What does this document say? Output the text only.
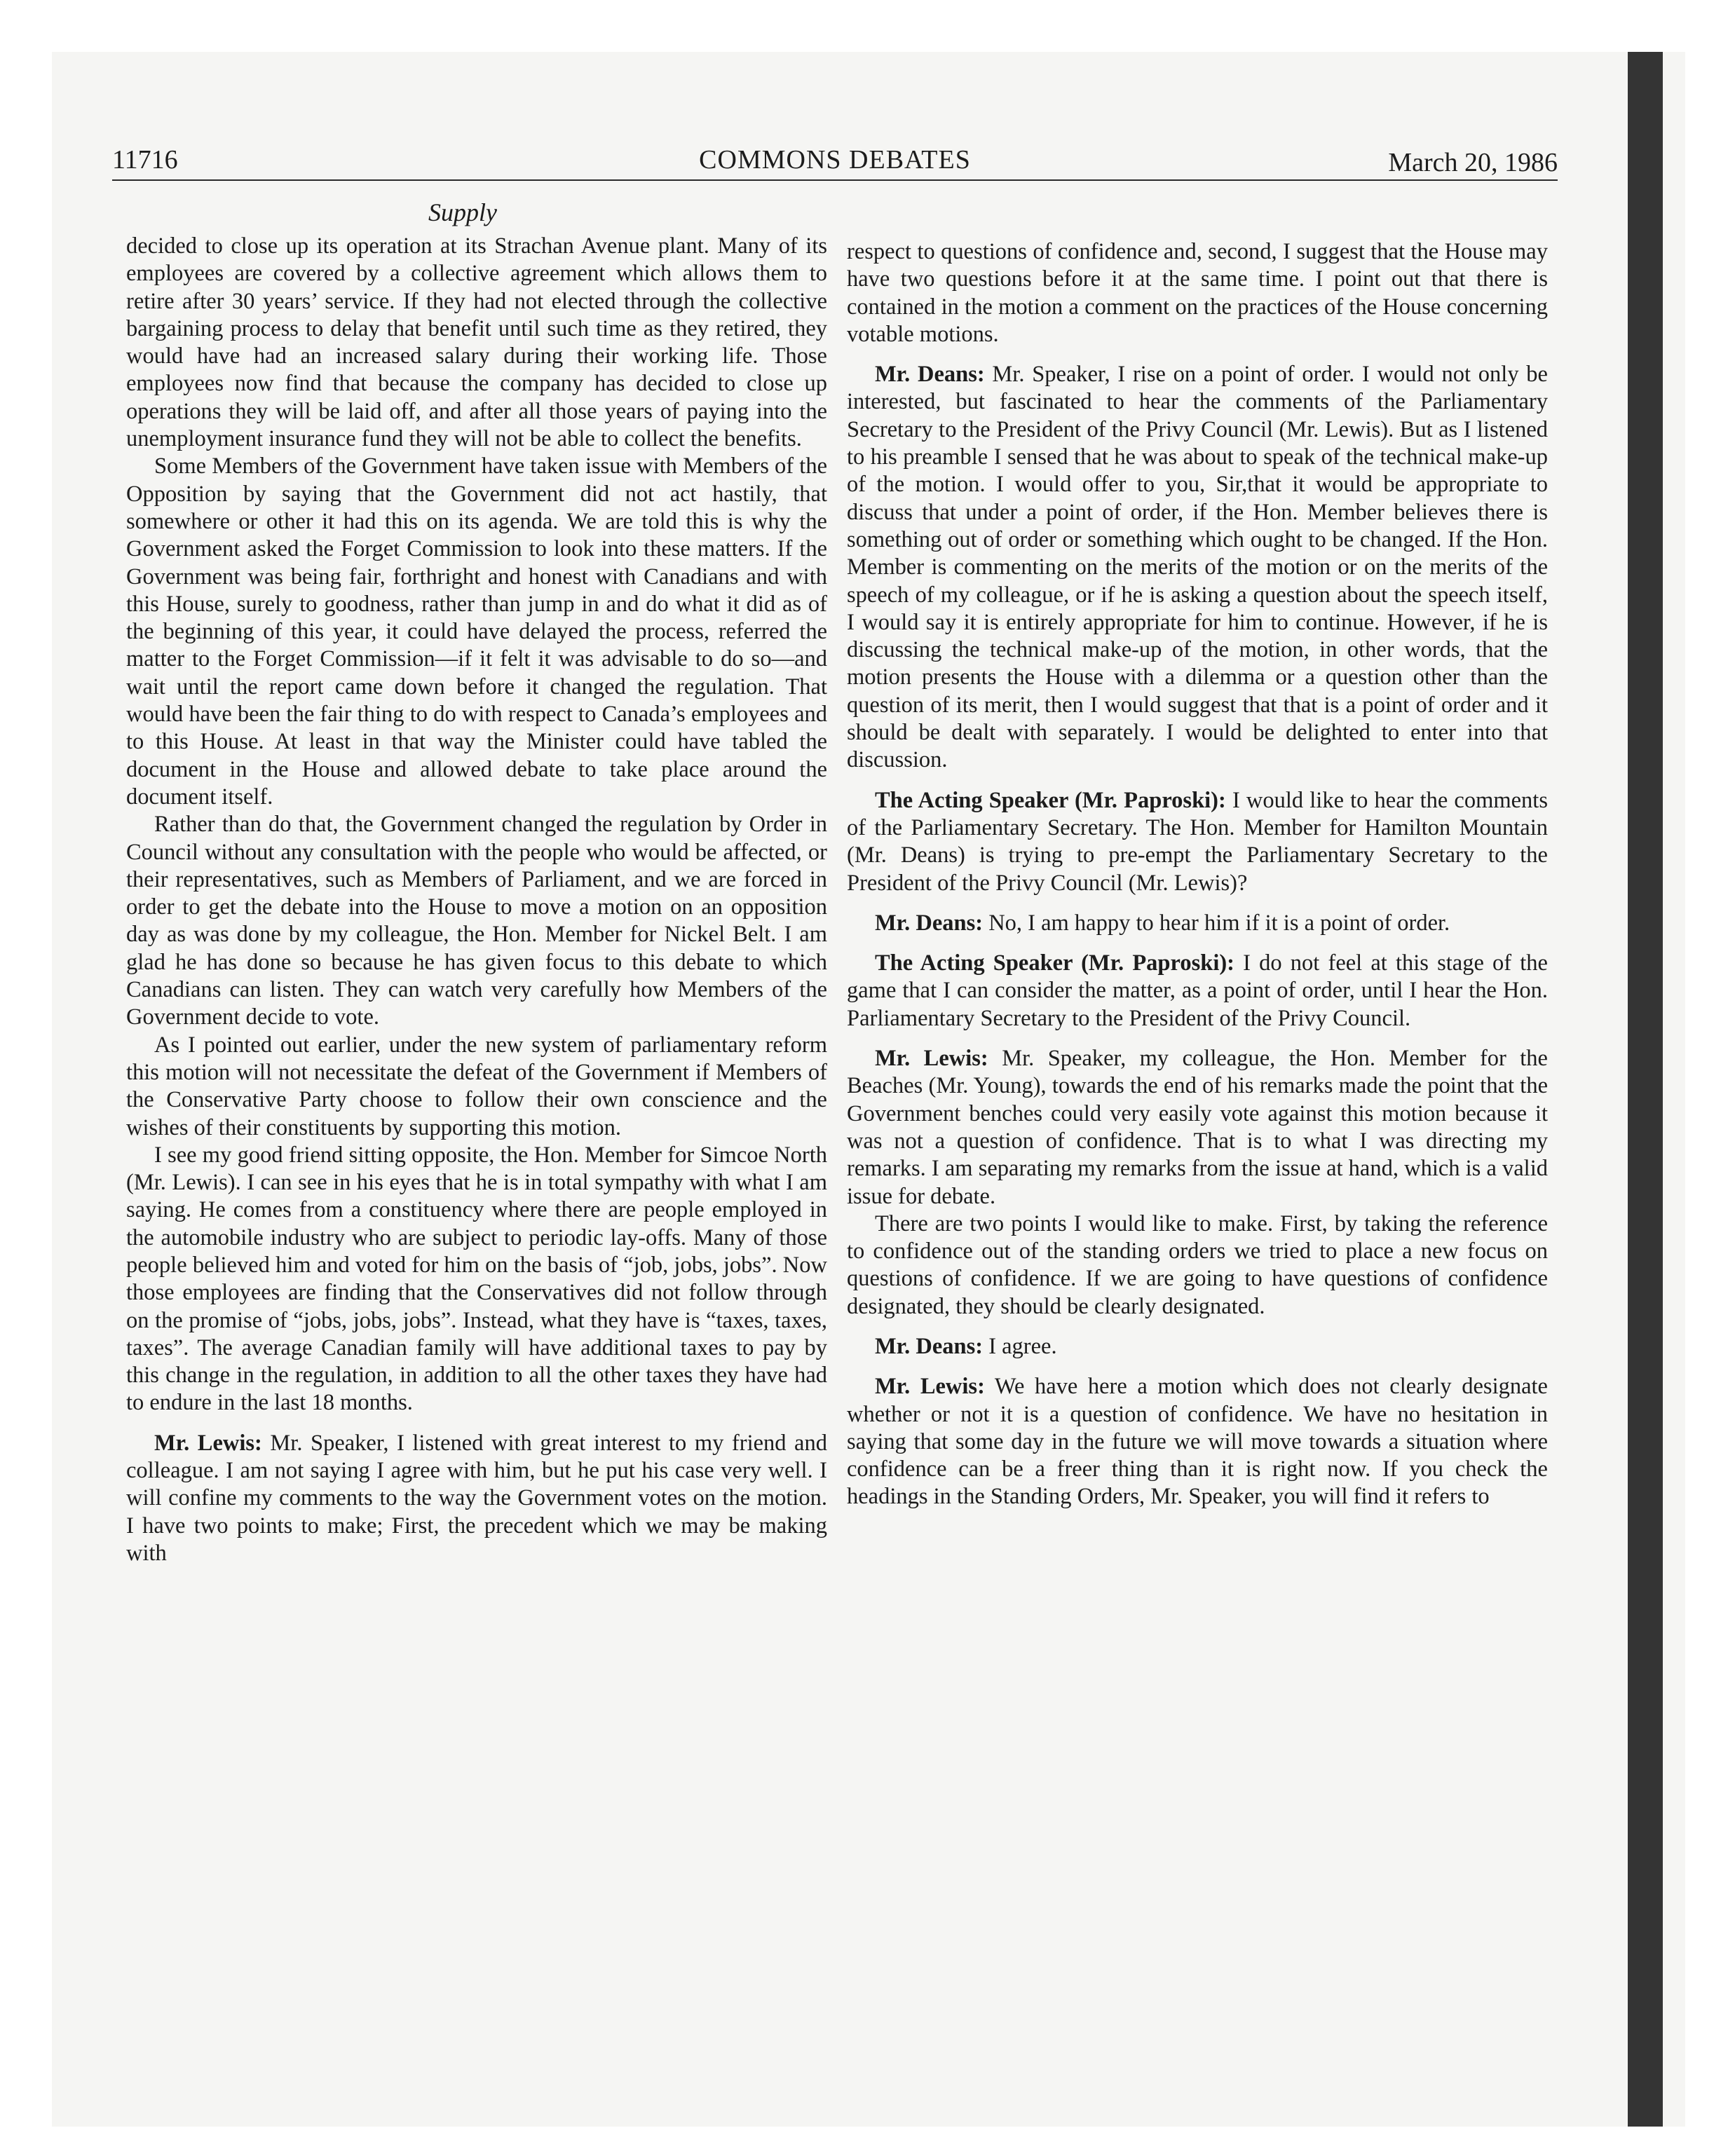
11716	COMMONS DEBATES	March 20, 1986
Supply

decided to close up its operation at its Strachan Avenue plant. Many of its employees are covered by a collective agreement which allows them to retire after 30 years’ service. If they had not elected through the collective bargaining process to delay that benefit until such time as they retired, they would have had an increased salary during their working life. Those employees now find that because the company has decided to close up operations they will be laid off, and after all those years of paying into the unemployment insurance fund they will not be able to collect the benefits.

Some Members of the Government have taken issue with Members of the Opposition by saying that the Government did not act hastily, that somewhere or other it had this on its agenda. We are told this is why the Government asked the Forget Commission to look into these matters. If the Government was being fair, forthright and honest with Canadians and with this House, surely to goodness, rather than jump in and do what it did as of the beginning of this year, it could have delayed the process, referred the matter to the Forget Commission—if it felt it was advisable to do so—and wait until the report came down before it changed the regulation. That would have been the fair thing to do with respect to Canada’s employees and to this House. At least in that way the Minister could have tabled the document in the House and allowed debate to take place around the document itself.

Rather than do that, the Government changed the regulation by Order in Council without any consultation with the people who would be affected, or their representatives, such as Members of Parliament, and we are forced in order to get the debate into the House to move a motion on an opposition day as was done by my colleague, the Hon. Member for Nickel Belt. I am glad he has done so because he has given focus to this debate to which Canadians can listen. They can watch very carefully how Members of the Government decide to vote.

As I pointed out earlier, under the new system of parliamentary reform this motion will not necessitate the defeat of the Government if Members of the Conservative Party choose to follow their own conscience and the wishes of their constituents by supporting this motion.

I see my good friend sitting opposite, the Hon. Member for Simcoe North (Mr. Lewis). I can see in his eyes that he is in total sympathy with what I am saying. He comes from a constituency where there are people employed in the automobile industry who are subject to periodic lay-offs. Many of those people believed him and voted for him on the basis of “job, jobs, jobs”. Now those employees are finding that the Conservatives did not follow through on the promise of “jobs, jobs, jobs”. Instead, what they have is “taxes, taxes, taxes”. The average Canadian family will have additional taxes to pay by this change in the regulation, in addition to all the other taxes they have had to endure in the last 18 months.

Mr. Lewis: Mr. Speaker, I listened with great interest to my friend and colleague. I am not saying I agree with him, but he put his case very well. I will confine my comments to the way the Government votes on the motion. I have two points to make; First, the precedent which we may be making with

respect to questions of confidence and, second, I suggest that the House may have two questions before it at the same time. I point out that there is contained in the motion a comment on the practices of the House concerning votable motions.

Mr. Deans: Mr. Speaker, I rise on a point of order. I would not only be interested, but fascinated to hear the comments of the Parliamentary Secretary to the President of the Privy Council (Mr. Lewis). But as I listened to his preamble I sensed that he was about to speak of the technical make-up of the motion. I would offer to you, Sir,that it would be appropriate to discuss that under a point of order, if the Hon. Member believes there is something out of order or something which ought to be changed. If the Hon. Member is commenting on the merits of the motion or on the merits of the speech of my colleague, or if he is asking a question about the speech itself, I would say it is entirely appropriate for him to continue. However, if he is discussing the technical make-up of the motion, in other words, that the motion presents the House with a dilemma or a question other than the question of its merit, then I would suggest that that is a point of order and it should be dealt with separately. I would be delighted to enter into that discussion.

The Acting Speaker (Mr. Paproski): I would like to hear the comments of the Parliamentary Secretary. The Hon. Member for Hamilton Mountain (Mr. Deans) is trying to pre-empt the Parliamentary Secretary to the President of the Privy Council (Mr. Lewis)?

Mr. Deans: No, I am happy to hear him if it is a point of order.

The Acting Speaker (Mr. Paproski): I do not feel at this stage of the game that I can consider the matter, as a point of order, until I hear the Hon. Parliamentary Secretary to the President of the Privy Council.

Mr. Lewis: Mr. Speaker, my colleague, the Hon. Member for the Beaches (Mr. Young), towards the end of his remarks made the point that the Government benches could very easily vote against this motion because it was not a question of confidence. That is to what I was directing my remarks. I am separating my remarks from the issue at hand, which is a valid issue for debate.

There are two points I would like to make. First, by taking the reference to confidence out of the standing orders we tried to place a new focus on questions of confidence. If we are going to have questions of confidence designated, they should be clearly designated.

Mr. Deans: I agree.

Mr. Lewis: We have here a motion which does not clearly designate whether or not it is a question of confidence. We have no hesitation in saying that some day in the future we will move towards a situation where confidence can be a freer thing than it is right now. If you check the headings in the Standing Orders, Mr. Speaker, you will find it refers to
